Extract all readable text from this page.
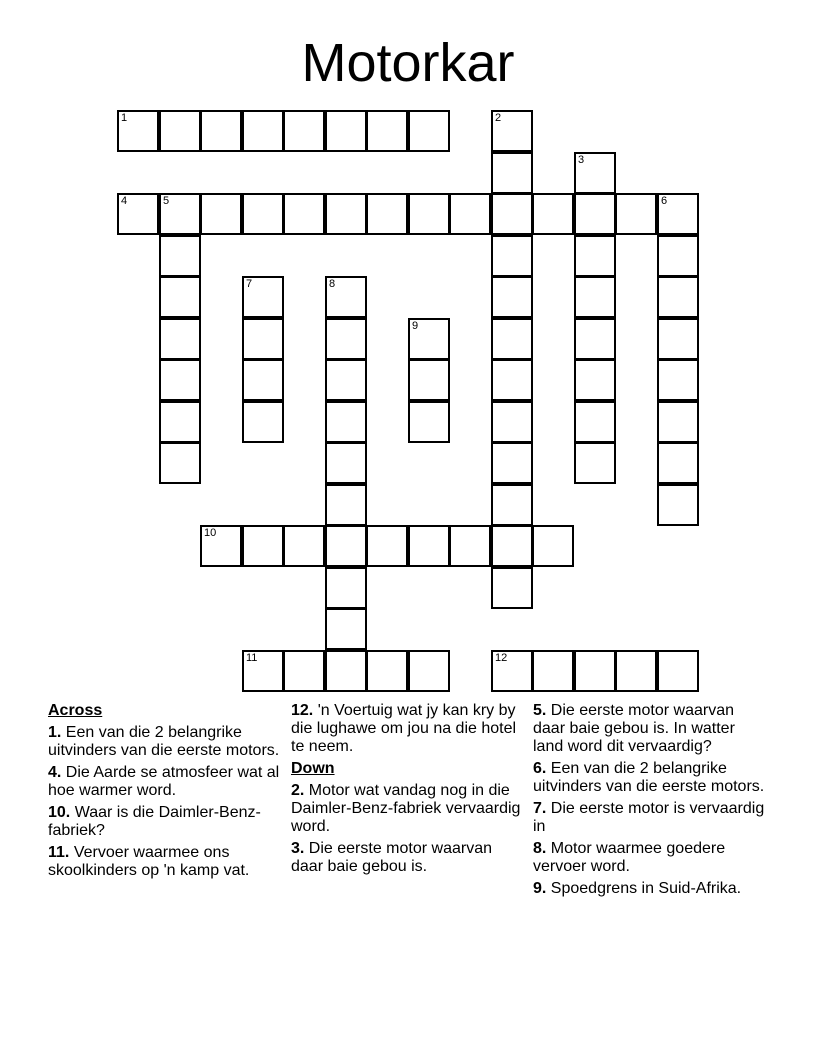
Motorkar
1
4	5	6
10
11	12
2
3
7	8
9
Across

1. Een van die 2 belangrike uitvinders van die eerste motors.

4. Die Aarde se atmosfeer wat al hoe warmer word.

10. Waar is die Daimler-Benz-fabriek?

11. Vervoer waarmee ons skoolkinders op 'n kamp vat.

12. 'n Voertuig wat jy kan kry by die lughawe om jou na die hotel te neem.

Down

2. Motor wat vandag nog in die Daimler-Benz-fabriek vervaardig word.

3. Die eerste motor waarvan daar baie gebou is.

5. Die eerste motor waarvan daar baie gebou is. In watter land word dit vervaardig?

6. Een van die 2 belangrike uitvinders van die eerste motors.

7. Die eerste motor is vervaardig in

8. Motor waarmee goedere vervoer word.

9. Spoedgrens in Suid-Afrika.
